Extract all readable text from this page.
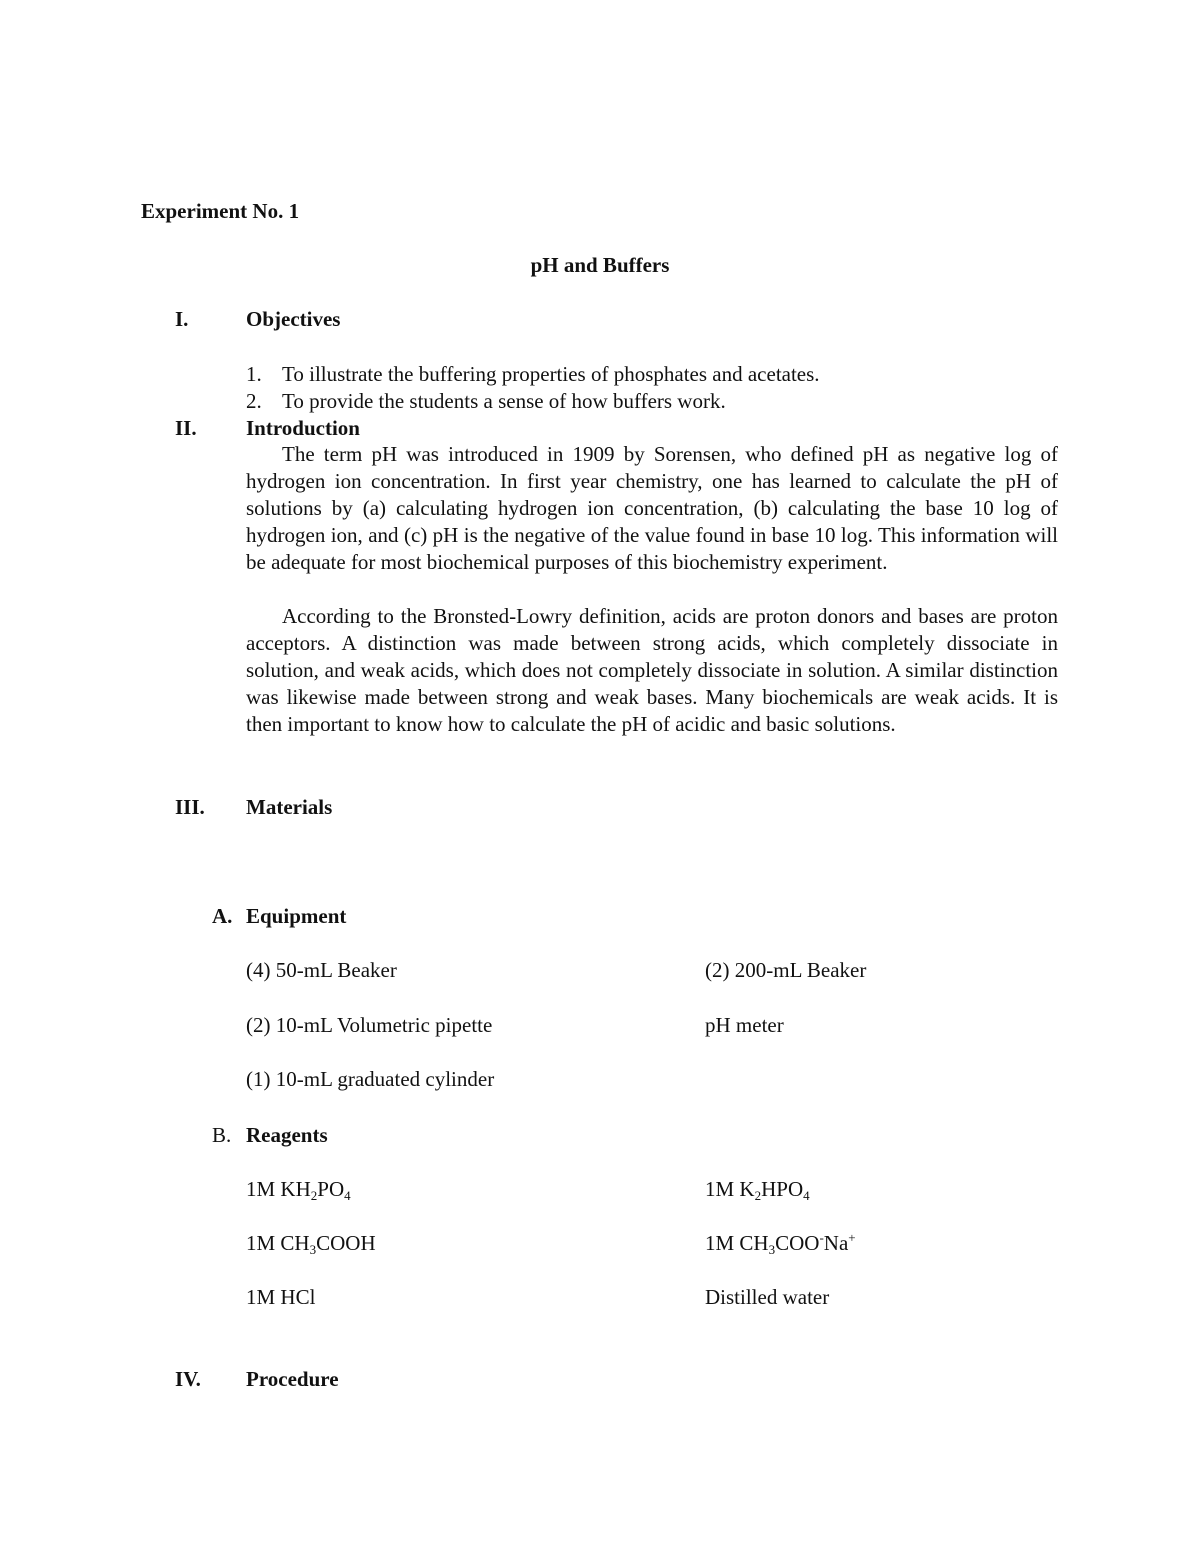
Experiment No. 1
pH and Buffers
I.	Objectives
1. To illustrate the buffering properties of phosphates and acetates.
2. To provide the students a sense of how buffers work.
II. Introduction
The term pH was introduced in 1909 by Sorensen, who defined pH as negative log of hydrogen ion concentration. In first year chemistry, one has learned to calculate the pH of solutions by (a) calculating hydrogen ion concentration, (b) calculating the base 10 log of hydrogen ion, and (c) pH is the negative of the value found in base 10 log. This information will be adequate for most biochemical purposes of this biochemistry experiment.
According to the Bronsted-Lowry definition, acids are proton donors and bases are proton acceptors. A distinction was made between strong acids, which completely dissociate in solution, and weak acids, which does not completely dissociate in solution. A similar distinction was likewise made between strong and weak bases. Many biochemicals are weak acids. It is then important to know how to calculate the pH of acidic and basic solutions.
III. Materials
A. Equipment
(4) 50-mL Beaker	(2) 200-mL Beaker
(2) 10-mL Volumetric pipette	pH meter
(1) 10-mL graduated cylinder
B. Reagents
1M $KH_2PO_4$	1M $K_2HPO_4$
1M $CH_3COOH$	1M $CH_3COO^-Na^+$
1M HCl	Distilled water
IV. Procedure
